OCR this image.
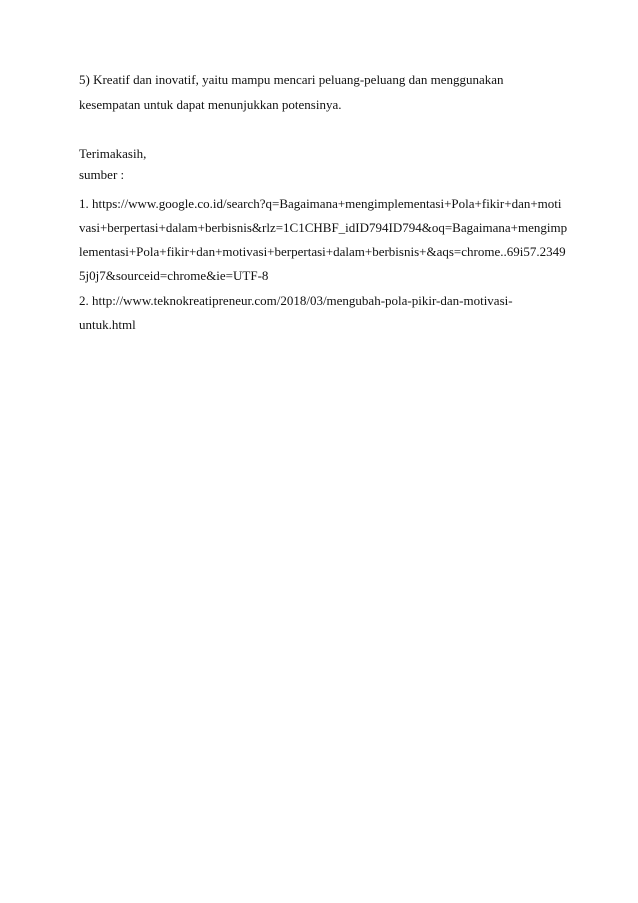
5) Kreatif dan inovatif, yaitu mampu mencari peluang-peluang dan menggunakan
kesempatan untuk dapat menunjukkan potensinya.
Terimakasih,
sumber :
1. https://www.google.co.id/search?q=Bagaimana+mengimplementasi+Pola+fikir+dan+moti
vasi+berpertasi+dalam+berbisnis&rlz=1C1CHBF_idID794ID794&oq=Bagaimana+mengimp
lementasi+Pola+fikir+dan+motivasi+berpertasi+dalam+berbisnis+&aqs=chrome..69i57.2349
5j0j7&sourceid=chrome&ie=UTF-8
2. http://www.teknokreatipreneur.com/2018/03/mengubah-pola-pikir-dan-motivasi-
untuk.html
